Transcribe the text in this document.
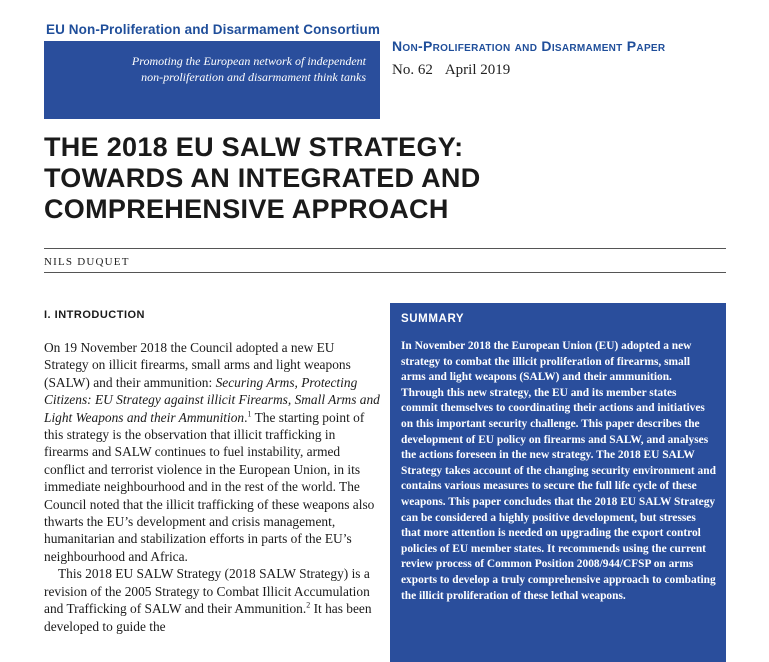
EU Non-Proliferation and Disarmament Consortium
Promoting the European network of independent
non-proliferation and disarmament think tanks
Non-Proliferation and Disarmament Paper
No. 62 April 2019
THE 2018 EU SALW STRATEGY:
TOWARDS AN INTEGRATED AND
COMPREHENSIVE APPROACH
NILS DUQUET
I. INTRODUCTION

On 19 November 2018 the Council adopted a new EU Strategy on illicit firearms, small arms and light weapons (SALW) and their ammunition: Securing Arms, Protecting Citizens: EU Strategy against illicit Firearms, Small Arms and Light Weapons and their Ammunition.$^1$ The starting point of this strategy is the observation that illicit trafficking in firearms and SALW continues to fuel instability, armed conflict and terrorist violence in the European Union, in its immediate neighbourhood and in the rest of the world. The Council noted that the illicit trafficking of these weapons also thwarts the EU’s development and crisis management, humanitarian and stabilization efforts in parts of the EU’s neighbourhood and Africa.

This 2018 EU SALW Strategy (2018 SALW Strategy) is a revision of the 2005 Strategy to Combat Illicit Accumulation and Trafficking of SALW and their Ammunition.$^2$ It has been developed to guide the

SUMMARY
In November 2018 the European Union (EU) adopted a new strategy to combat the illicit proliferation of firearms, small arms and light weapons (SALW) and their ammunition. Through this new strategy, the EU and its member states commit themselves to coordinating their actions and initiatives on this important security challenge. This paper describes the development of EU policy on firearms and SALW, and analyses the actions foreseen in the new strategy. The 2018 EU SALW Strategy takes account of the changing security environment and contains various measures to secure the full life cycle of these weapons. This paper concludes that the 2018 EU SALW Strategy can be considered a highly positive development, but stresses that more attention is needed on upgrading the export control policies of EU member states. It recommends using the current review process of Common Position 2008/944/CFSP on arms exports to develop a truly comprehensive approach to combating the illicit proliferation of these lethal weapons.
